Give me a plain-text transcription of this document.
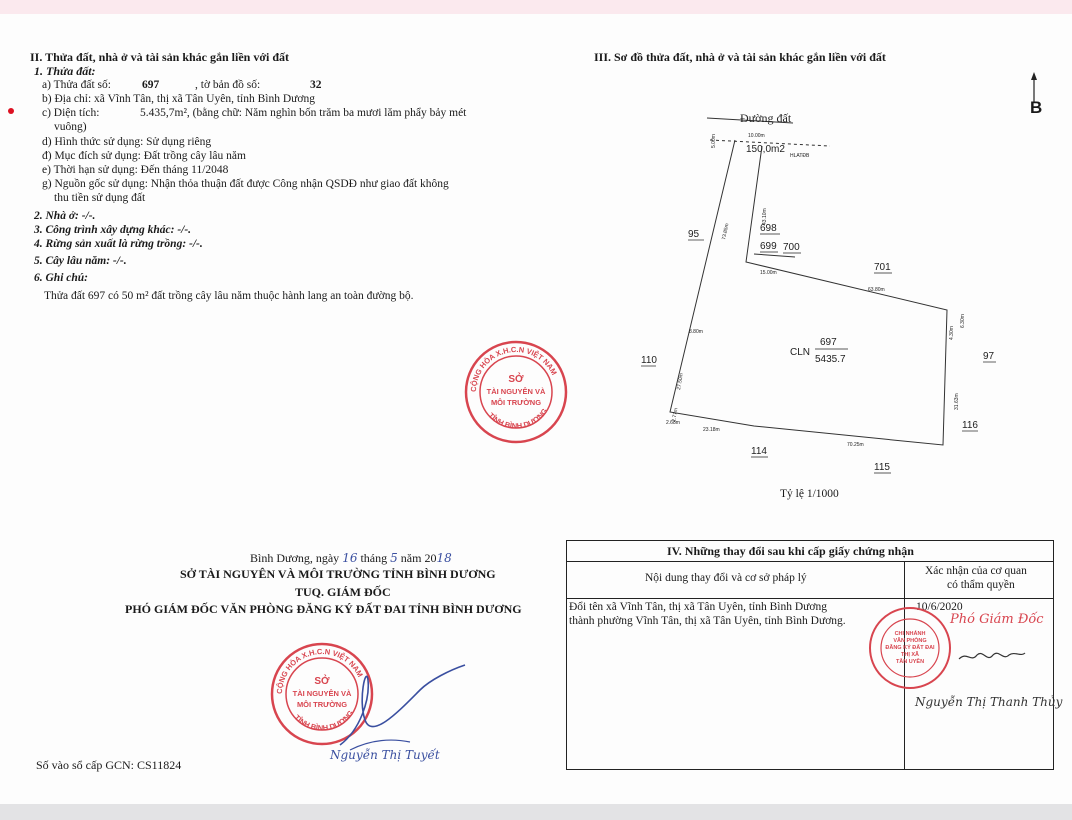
II. Thửa đất, nhà ở và tài sản khác gắn liền với đất
1. Thửa đất:
a) Thửa đất số:	697	, tờ bản đồ số:	32
b) Địa chỉ: xã Vĩnh Tân, thị xã Tân Uyên, tỉnh Bình Dương
c) Diện tích:	5.435,7m², (bằng chữ: Năm nghìn bốn trăm ba mươi lăm phẩy bảy mét
vuông)
d) Hình thức sử dụng: Sử dụng riêng
đ) Mục đích sử dụng: Đất trồng cây lâu năm
e) Thời hạn sử dụng: Đến tháng 11/2048
g) Nguồn gốc sử dụng: Nhận thỏa thuận đất được Công nhận QSDĐ như giao đất không
thu tiền sử dụng đất
2. Nhà ở: -/-.
3. Công trình xây dựng khác: -/-.
4. Rừng sản xuất là rừng trồng: -/-.
5. Cây lâu năm: -/-.
6. Ghi chú:
Thửa đất 697 có 50 m² đất trồng cây lâu năm thuộc hành lang an toàn đường bộ.
CỘNG HÒA X.H.C.N VIỆT NAM
TỈNH BÌNH DƯƠNG
SỞ
TÀI NGUYÊN VÀ
MÔI TRƯỜNG
III. Sơ đồ thửa đất, nhà ở và tài sản khác gắn liền với đất
B
Đường đất
150,0m2
10.00m
5.00m
HLATĐB
73.85m
43.10m
15.00m
63.80m
8.80m
27.50m
4.30m
6.30m
31.63m
2.77m
2.68m
23.18m
70.25m
95
698
699 700
701
110	97
116
114
115
CLN
697
5435.7
Tỷ lệ 1/1000
Bình Dương, ngày 16 tháng 5 năm 2018
SỞ TÀI NGUYÊN VÀ MÔI TRƯỜNG TỈNH BÌNH DƯƠNG
TUQ. GIÁM ĐỐC
PHÓ GIÁM ĐỐC VĂN PHÒNG ĐĂNG KÝ ĐẤT ĐAI TỈNH BÌNH DƯƠNG
CỘNG HÒA X.H.C.N VIỆT NAM
TỈNH BÌNH DƯƠNG
SỞ
TÀI NGUYÊN VÀ
MÔI TRƯỜNG
Nguyễn Thị Tuyết
Số vào sổ cấp GCN: CS11824
IV. Những thay đổi sau khi cấp giấy chứng nhận
Nội dung thay đổi và cơ sở pháp lý
Xác nhận của cơ quan
có thẩm quyền
Đổi tên xã Vĩnh Tân, thị xã Tân Uyên, tỉnh Bình Dương
thành phường Vĩnh Tân, thị xã Tân Uyên, tỉnh Bình Dương.
10/6/2020
Phó Giám Đốc
CHI NHÁNH
VĂN PHÒNG
ĐĂNG KÝ ĐẤT ĐAI
THỊ XÃ
TÂN UYÊN
Nguyễn Thị Thanh Thủy
